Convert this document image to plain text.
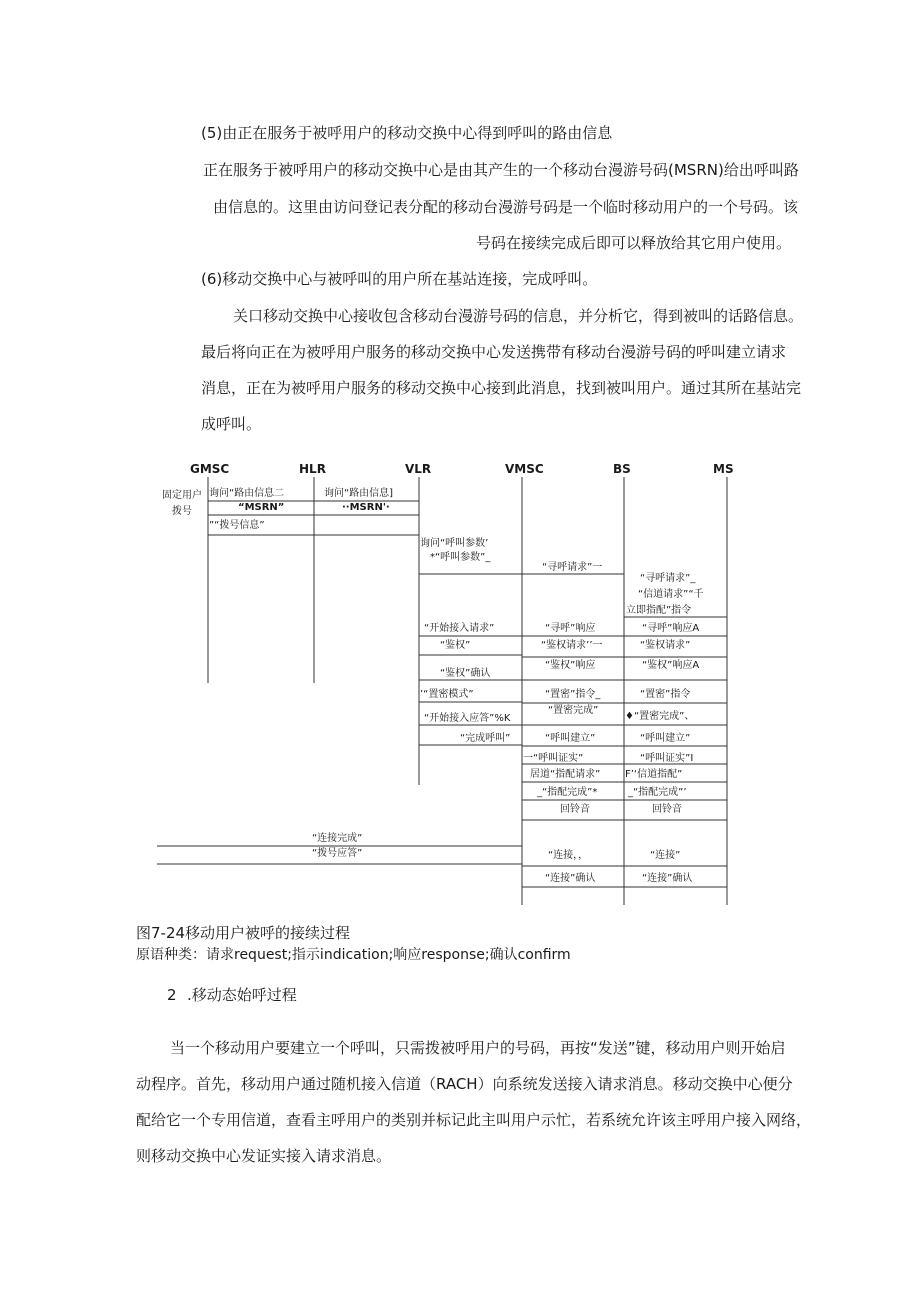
(5)由正在服务于被呼用户的移动交换中心得到呼叫的路由信息
正在服务于被呼用户的移动交换中心是由其产生的一个移动台漫游号码(MSRN)给出呼叫路
由信息的。这里由访问登记表分配的移动台漫游号码是一个临时移动用户的一个号码。该
号码在接续完成后即可以释放给其它用户使用。
(6)移动交换中心与被呼叫的用户所在基站连接，完成呼叫。
关口移动交换中心接收包含移动台漫游号码的信息，并分析它，得到被叫的话路信息。
最后将向正在为被呼用户服务的移动交换中心发送携带有移动台漫游号码的呼叫建立请求
消息，正在为被呼用户服务的移动交换中心接到此消息，找到被叫用户。通过其所在基站完
成呼叫。
GMSC	HLR	VLR	VMSC	BS	MS
固定用户
拨号
询问“路由信息二	询问“路由信息]
“MSRN”	··MSRN'·
”“拨号信息”
询问“呼叫参数’
*“呼叫参数”_
“寻呼请求”一
“寻呼请求”_
“信道请求”“千
立即指配”指令
“开始接入请求”	“寻呼”响应	“寻呼”响应A
“鉴权”	“鉴权请求’’一	“鉴权请求”
“鉴权”确认
“鉴权”响应	“鉴权”响应A
’“置密模式”	“置密”指令_	“置密”指令
“开始接入应答”%K
“置密完成”
♦“置密完成”、
“完成呼叫”	“呼叫建立”	“呼叫建立”
一“呼叫证实”	“呼叫证实”I
居道“指配请求” F’‘信道指配”
_“指配完成”*	_“指配完成”’
回铃音	回铃音
“连接完成”
“拨号应答”	“连接，，	“连接”
“连接”确认	“连接”确认
图7-24移动用户被呼的接续过程
原语种类：请求request;指示indication;响应response;确认confirm
2 .移动态始呼过程
当一个移动用户要建立一个呼叫，只需拨被呼用户的号码，再按“发送”键，移动用户则开始启
动程序。首先，移动用户通过随机接入信道（RACH）向系统发送接入请求消息。移动交换中心便分
配给它一个专用信道，查看主呼用户的类别并标记此主叫用户示忙，若系统允许该主呼用户接入网络，
则移动交换中心发证实接入请求消息。
